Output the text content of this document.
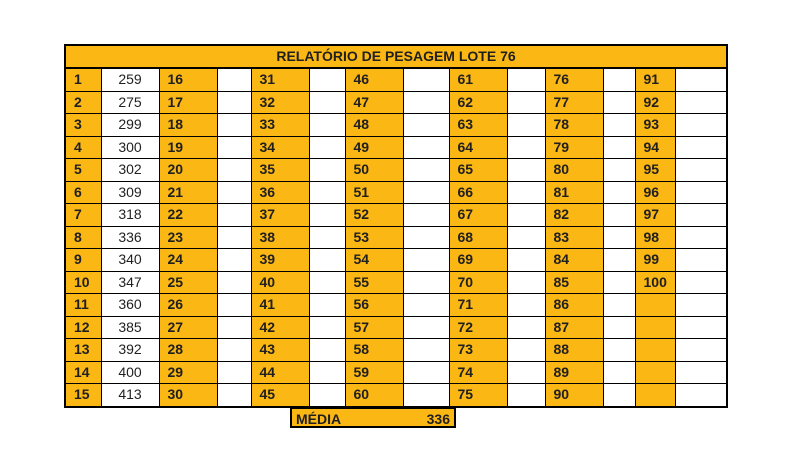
RELATÓRIO DE PESAGEM LOTE 76													
1	259	16		31		46		61		76		91	
2	275	17		32		47		62		77		92	
3	299	18		33		48		63		78		93	
4	300	19		34		49		64		79		94	
5	302	20		35		50		65		80		95	
6	309	21		36		51		66		81		96	
7	318	22		37		52		67		82		97	
8	336	23		38		53		68		83		98	
9	340	24		39		54		69		84		99	
10	347	25		40		55		70		85		100	
11	360	26		41		56		71		86			
12	385	27		42		57		72		87			
13	392	28		43		58		73		88			
14	400	29		44		59		74		89			
15	413	30		45		60		75		90			
MÉDIA	336
